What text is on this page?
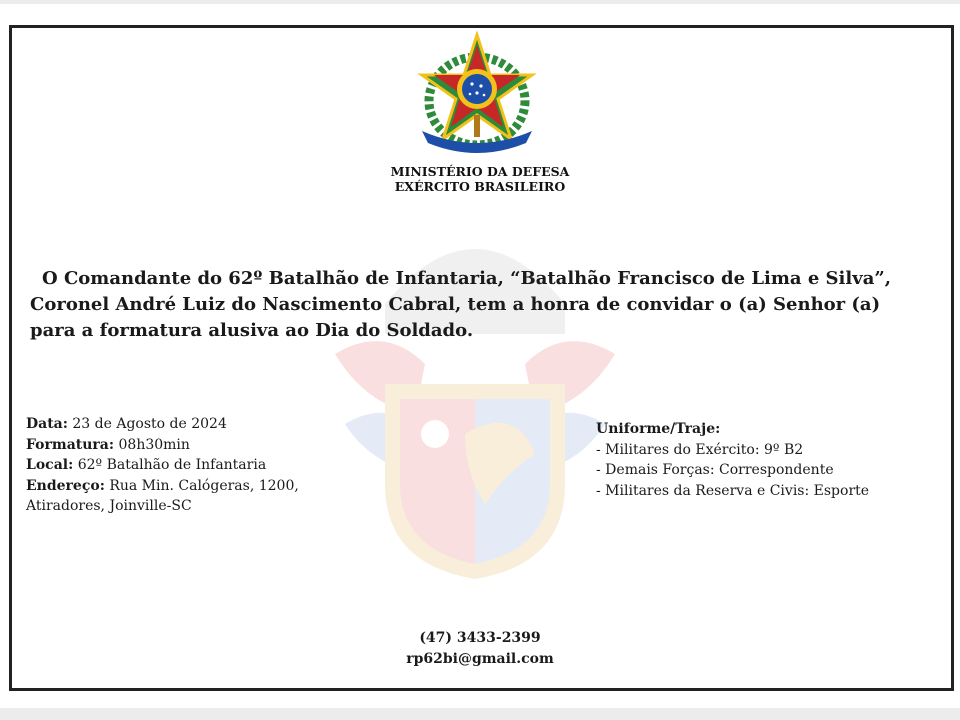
MINISTÉRIO DA DEFESA
EXÉRCITO BRASILEIRO
O Comandante do 62º Batalhão de Infantaria, “Batalhão Francisco de Lima e Silva”,
Coronel André Luiz do Nascimento Cabral, tem a honra de convidar o (a) Senhor (a)
para a formatura alusiva ao Dia do Soldado.
Data: 23 de Agosto de 2024
Formatura: 08h30min
Local: 62º Batalhão de Infantaria
Endereço: Rua Min. Calógeras, 1200,
Atiradores, Joinville-SC
Uniforme/Traje:
- Militares do Exército: 9º B2
- Demais Forças: Correspondente
- Militares da Reserva e Civis: Esporte
(47) 3433-2399
rp62bi@gmail.com
